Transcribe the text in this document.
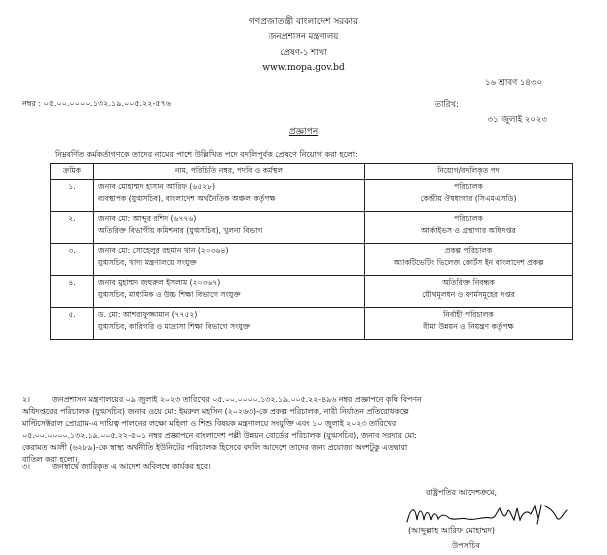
গণপ্রজাতন্ত্রী বাংলাদেশ সরকার
জনপ্রশাসন মন্ত্রণালয়
প্রেষণ-১ শাখা
www.mopa.gov.bd
১৬ শ্রাবণ ১৪৩০
নম্বর : ০৫.০০.০০০০.১৩২.১৯.০০৫.২২-৫৭৬	তারিখ:
৩১ জুলাই ২০২৩
প্রজ্ঞাপন
নিম্নবর্ণিত কর্মকর্তাগণকে তাদের নামের পাশে উল্লিখিত পদে বদলিপূর্বক প্রেষণে নিয়োগ করা হলো:
ক্রমিক	নাম, পরিচিতি নম্বর, পদবি ও কর্মস্থল	নিয়োগ/বদলিকৃত পদ
১.	জনাব মোহাম্মদ হাসান আরিফ (৬৫২৮)
ব্যবস্থাপক (যুগ্মসচিব), বাংলাদেশ অর্থনৈতিক অঞ্চল কর্তৃপক্ষ	পরিচালক
কেন্দ্রীয় ঔষধাগার (সিএমএসডি)

২.	জনাব মো: আব্দুর রশিদ (৬৭৭৬)
অতিরিক্ত বিভাগীয় কমিশনার (যুগ্মসচিব), খুলনা বিভাগ	পরিচালক
আর্কাইভস ও গ্রন্থাগার অধিদপ্তর

৩.	জনাব মো: সোহেলুর রহমান খান (২০৩৬৪)
যুগ্মসচিব, খাদ্য মন্ত্রণালয়ে সংযুক্ত	প্রকল্প পরিচালক
অ্যাকটিভেটিং ভিলেজ কোর্টস ইন বাংলাদেশ প্রকল্প

৪.	জনাব মুহাম্মদ জহুরুল ইসলাম (২০৩৬৭)
যুগ্মসচিব, মাধ্যমিক ও উচ্চ শিক্ষা বিভাগে সংযুক্ত	অতিরিক্ত নিবন্ধক
যৌথমূলধন ও ফার্মসমূহের দপ্তর

৫.	ড. মো: আশরাফুজ্জামান (৭৭৫২)
যুগ্মসচিব, কারিগরি ও মাদ্রাসা শিক্ষা বিভাগে সংযুক্ত	নির্বাহী পরিচালক
বীমা উন্নয়ন ও নিয়ন্ত্রণ কর্তৃপক্ষ
২।	জনপ্রশাসন মন্ত্রণালয়ের ০৯ জুলাই ২০২৩ তারিখের ০৫.০০.০০০০.১৩২.১৯.০০৫.২২-৪৯৬ নম্বর প্রজ্ঞাপনে কৃষি বিপণন
অধিদপ্তরের পরিচালক (যুগ্মসচিব) জনাব ওয়ে মো: ইমরুল মহসিন (২০২৬৩)-কে প্রকল্প পরিচালক, নারী নির্যাতন প্রতিরোধকল্পে
মাল্টিসেক্টরাল প্রোগ্রাম-এ দায়িত্ব পালনের লক্ষ্যে মহিলা ও শিশু বিষয়ক মন্ত্রণালয়ে সংযুক্তি এবং ১০ জুলাই ২০২৩ তারিখের
০৫.০০.০০০০.১৩২.১৯.০০৫.২২-৫০১ নম্বর প্রজ্ঞাপনে বাংলাদেশ পল্লী উন্নয়ন বোর্ডের পরিচালক (যুগ্মসচিব), জনাব সরদার মো:
কেরামত আলী (৬২৮৯)-কে স্বাস্থ্য অর্থনীতি ইউনিটের পরিচালক হিসেবে বদলি আদেশে তাদের জন্য প্রযোজ্য অংশটুকু এতদ্বারা
বাতিল করা হলো।
৩।	জনস্বার্থে জারিকৃত এ আদেশ অবিলম্বে কার্যকর হবে।
রাষ্ট্রপতির আদেশক্রমে,
(আব্দুল্লাহ আরিফ মোহাম্মদ)
উপসচিব
